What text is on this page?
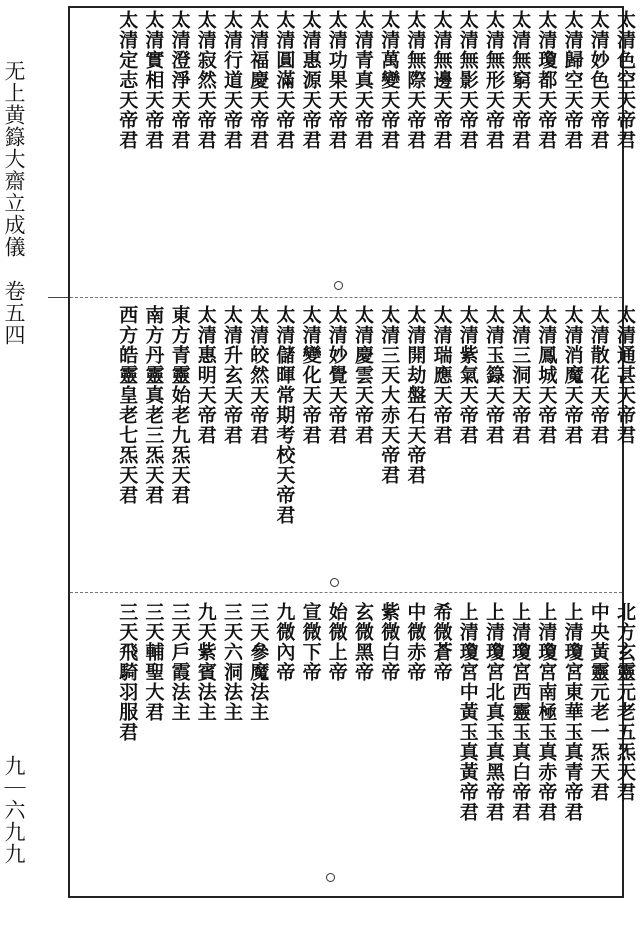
无上黄籙大齋立成儀　卷五四
九｜六九九
太清色空天帝君
太清妙色天帝君
太清歸空天帝君
太清瓊都天帝君
太清無窮天帝君
太清無形天帝君
太清無影天帝君
太清無邊天帝君
太清無際天帝君
太清萬變天帝君
太清青真天帝君
太清功果天帝君
太清惠源天帝君
太清圓滿天帝君
太清福慶天帝君
太清行道天帝君
太清寂然天帝君
太清澄淨天帝君
太清實相天帝君
太清定志天帝君
太清通甚天帝君
太清散花天帝君
太清消魔天帝君
太清鳳城天帝君
太清三洞天帝君
太清玉籙天帝君
太清紫氣天帝君
太清瑞應天帝君
太清開劫盤石天帝君
太清三天大赤天帝君
太清慶雲天帝君
太清妙覺天帝君
太清變化天帝君
太清儲暉常期考校天帝君
太清皎然天帝君
太清升玄天帝君
太清惠明天帝君
東方青靈始老九炁天君
南方丹靈真老三炁天君
西方皓靈皇老七炁天君
北方玄靈元老五炁天君
中央黃靈元老一炁天君
上清瓊宮東華玉真青帝君
上清瓊宮南極玉真赤帝君
上清瓊宮西靈玉真白帝君
上清瓊宮北真玉真黑帝君
上清瓊宮中黃玉真黃帝君
希微蒼帝
中微赤帝
紫微白帝
玄微黑帝
始微上帝
宣微下帝
九微內帝
三天參魔法主
三天六洞法主
九天紫賓法主
三天戶霞法主
三天輔聖大君
三天飛騎羽服君
